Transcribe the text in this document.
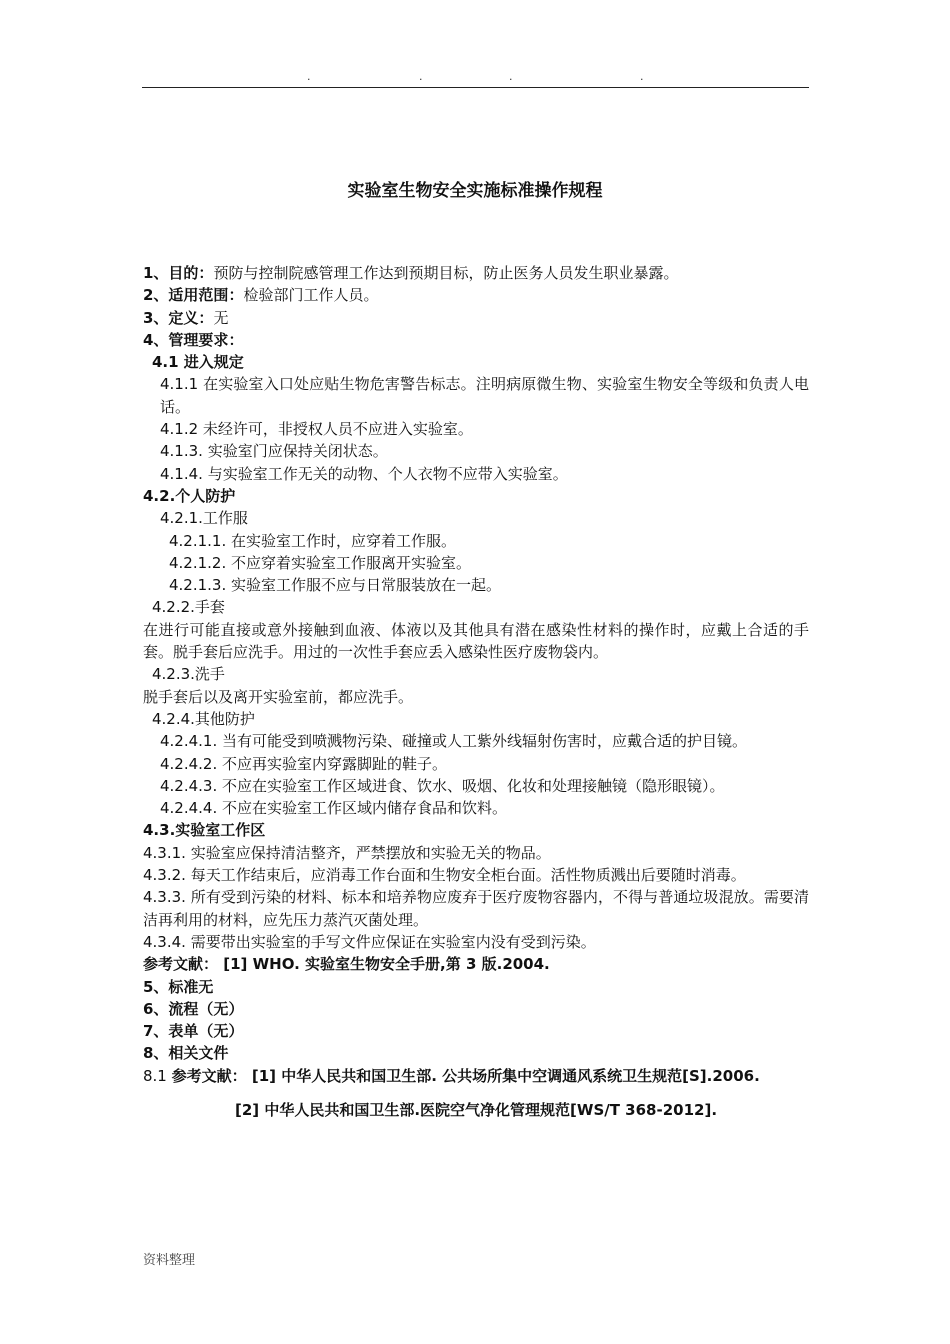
.	.	.	.
实验室生物安全实施标准操作规程

1、目的：预防与控制院感管理工作达到预期目标，防止医务人员发生职业暴露。

2、适用范围：检验部门工作人员。

3、定义：无

4、管理要求：

4.1 进入规定

4.1.1 在实验室入口处应贴生物危害警告标志。注明病原微生物、实验室生物安全等级和负责人电话。

4.1.2 未经许可，非授权人员不应进入实验室。

4.1.3. 实验室门应保持关闭状态。

4.1.4. 与实验室工作无关的动物、个人衣物不应带入实验室。

4.2.个人防护

4.2.1.工作服

4.2.1.1. 在实验室工作时，应穿着工作服。

4.2.1.2. 不应穿着实验室工作服离开实验室。

4.2.1.3. 实验室工作服不应与日常服装放在一起。

4.2.2.手套

在进行可能直接或意外接触到血液、体液以及其他具有潜在感染性材料的操作时，应戴上合适的手套。脱手套后应洗手。用过的一次性手套应丢入感染性医疗废物袋内。

4.2.3.洗手

脱手套后以及离开实验室前，都应洗手。

4.2.4.其他防护

4.2.4.1. 当有可能受到喷溅物污染、碰撞或人工紫外线辐射伤害时，应戴合适的护目镜。

4.2.4.2. 不应再实验室内穿露脚趾的鞋子。

4.2.4.3. 不应在实验室工作区域进食、饮水、吸烟、化妆和处理接触镜（隐形眼镜）。

4.2.4.4. 不应在实验室工作区域内储存食品和饮料。

4.3.实验室工作区

4.3.1. 实验室应保持清洁整齐，严禁摆放和实验无关的物品。

4.3.2. 每天工作结束后，应消毒工作台面和生物安全柜台面。活性物质溅出后要随时消毒。

4.3.3. 所有受到污染的材料、标本和培养物应废弃于医疗废物容器内，不得与普通垃圾混放。需要清洁再利用的材料，应先压力蒸汽灭菌处理。

4.3.4. 需要带出实验室的手写文件应保证在实验室内没有受到污染。

参考文献： [1] WHO. 实验室生物安全手册,第 3 版.2004.

5、标准无

6、流程（无）

7、表单（无）

8、相关文件

8.1 参考文献： [1] 中华人民共和国卫生部. 公共场所集中空调通风系统卫生规范[S].2006.

[2] 中华人民共和国卫生部.医院空气净化管理规范[WS/T 368-2012].

资料整理
